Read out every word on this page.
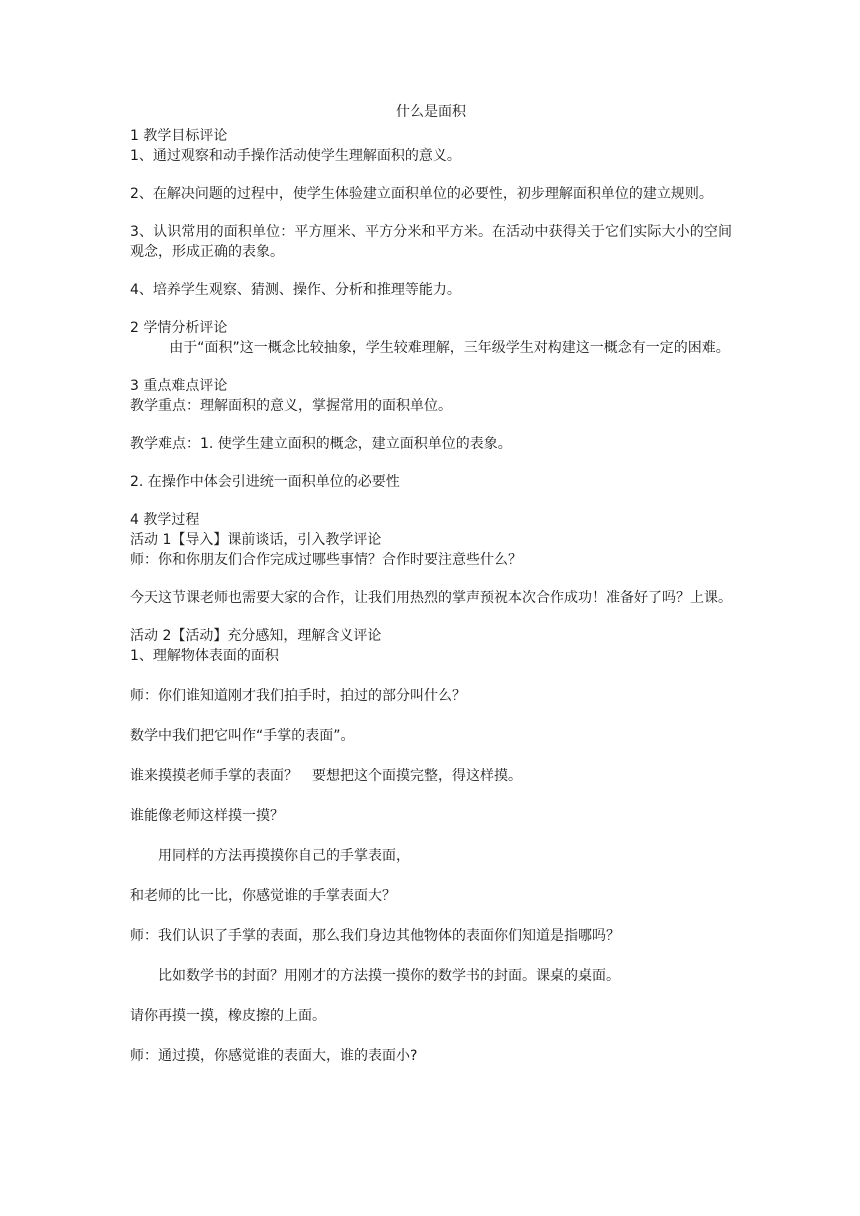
什么是面积

1 教学目标评论

1、通过观察和动手操作活动使学生理解面积的意义。

2、在解决问题的过程中，使学生体验建立面积单位的必要性，初步理解面积单位的建立规则。

3、认识常用的面积单位：平方厘米、平方分米和平方米。在活动中获得关于它们实际大小的空间观念，形成正确的表象。

4、培养学生观察、猜测、操作、分析和推理等能力。

2 学情分析评论

由于“面积”这一概念比较抽象，学生较难理解，三年级学生对构建这一概念有一定的困难。

3 重点难点评论

教学重点：理解面积的意义，掌握常用的面积单位。

教学难点：1. 使学生建立面积的概念，建立面积单位的表象。

2. 在操作中体会引进统一面积单位的必要性

4 教学过程

活动 1【导入】课前谈话，引入教学评论

师：你和你朋友们合作完成过哪些事情？合作时要注意些什么？

今天这节课老师也需要大家的合作，让我们用热烈的掌声预祝本次合作成功！准备好了吗？上课。

活动 2【活动】充分感知，理解含义评论

1、理解物体表面的面积

师：你们谁知道刚才我们拍手时，拍过的部分叫什么？

数学中我们把它叫作“手掌的表面”。

谁来摸摸老师手掌的表面？　要想把这个面摸完整，得这样摸。

谁能像老师这样摸一摸？

用同样的方法再摸摸你自己的手掌表面，

和老师的比一比，你感觉谁的手掌表面大？

师：我们认识了手掌的表面，那么我们身边其他物体的表面你们知道是指哪吗？

比如数学书的封面？用刚才的方法摸一摸你的数学书的封面。课桌的桌面。

请你再摸一摸，橡皮擦的上面。

师：通过摸，你感觉谁的表面大，谁的表面小?
